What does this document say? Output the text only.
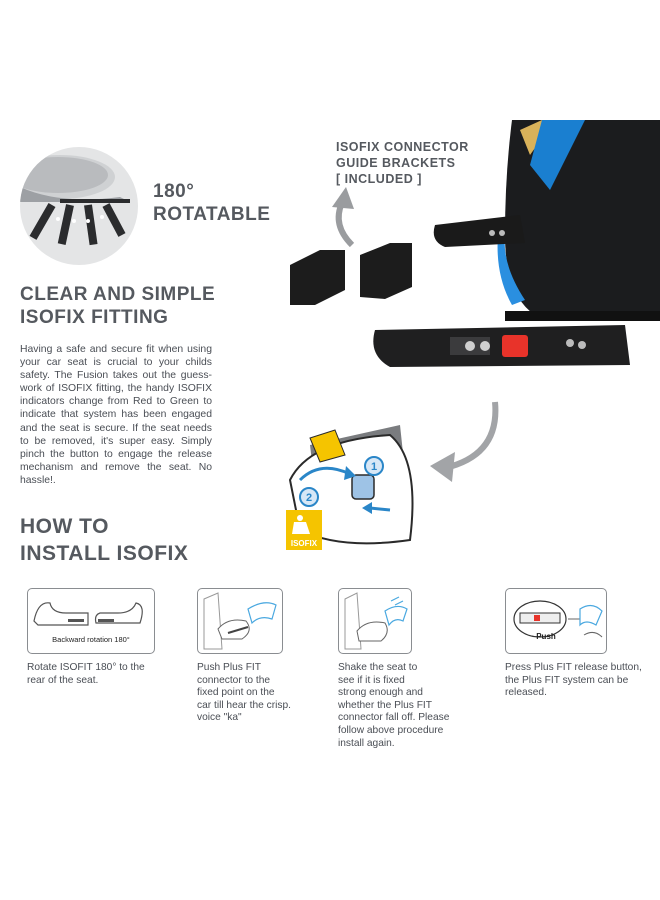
180°
ROTATABLE
CLEAR AND SIMPLE
ISOFIX FITTING
Having a safe and secure fit when using your car seat is crucial to your childs safety. The Fusion takes out the guess-work of ISOFIX fitting, the handy ISOFIX indicators change from Red to Green to indicate that system has been engaged and the seat is secure. If the seat needs to be removed, it's super easy. Simply pinch the button to engage the release mechanism and remove the seat. No hassle!.
ISOFIX CONNECTOR
GUIDE BRACKETS
[ INCLUDED ]
1
2
ISOFIX
HOW TO
INSTALL ISOFIX
Backward rotation 180°	Push
Rotate ISOFIT 180° to the
rear of the seat.
Push Plus FIT
connector to the
fixed point on the
car till hear the crisp.
voice "ka"
Shake the seat to
see if it is fixed
strong enough and
whether the Plus FIT
connector fall off. Please
follow above procedure
install again.
Press Plus FIT release button,
the Plus FIT system can be
released.
